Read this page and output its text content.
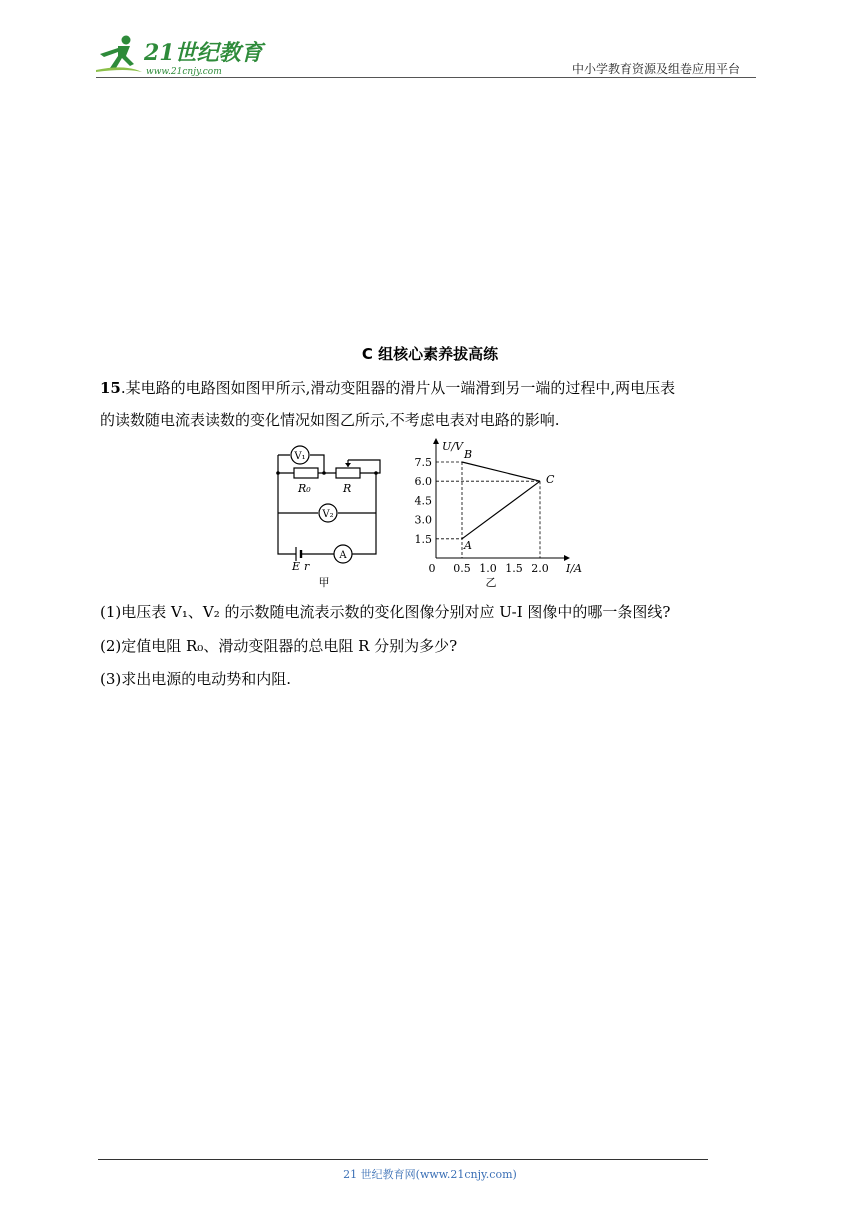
21世纪教育
www.21cnjy.com	中小学教育资源及组卷应用平台
C 组核心素养拔高练
15.某电路的电路图如图甲所示,滑动变阻器的滑片从一端滑到另一端的过程中,两电压表
的读数随电流表读数的变化情况如图乙所示,不考虑电表对电路的影响.
V₁
V₂
A
R₀	R
E r
甲
U/V
I/A
0
7.5
6.0
4.5
3.0
1.5
0.5 1.0 1.5 2.0
A
B
C
乙
(1)电压表 V₁、V₂ 的示数随电流表示数的变化图像分别对应 U-I 图像中的哪一条图线?
(2)定值电阻 R₀、滑动变阻器的总电阻 R 分别为多少?
(3)求出电源的电动势和内阻.
21 世纪教育网(www.21cnjy.com)
